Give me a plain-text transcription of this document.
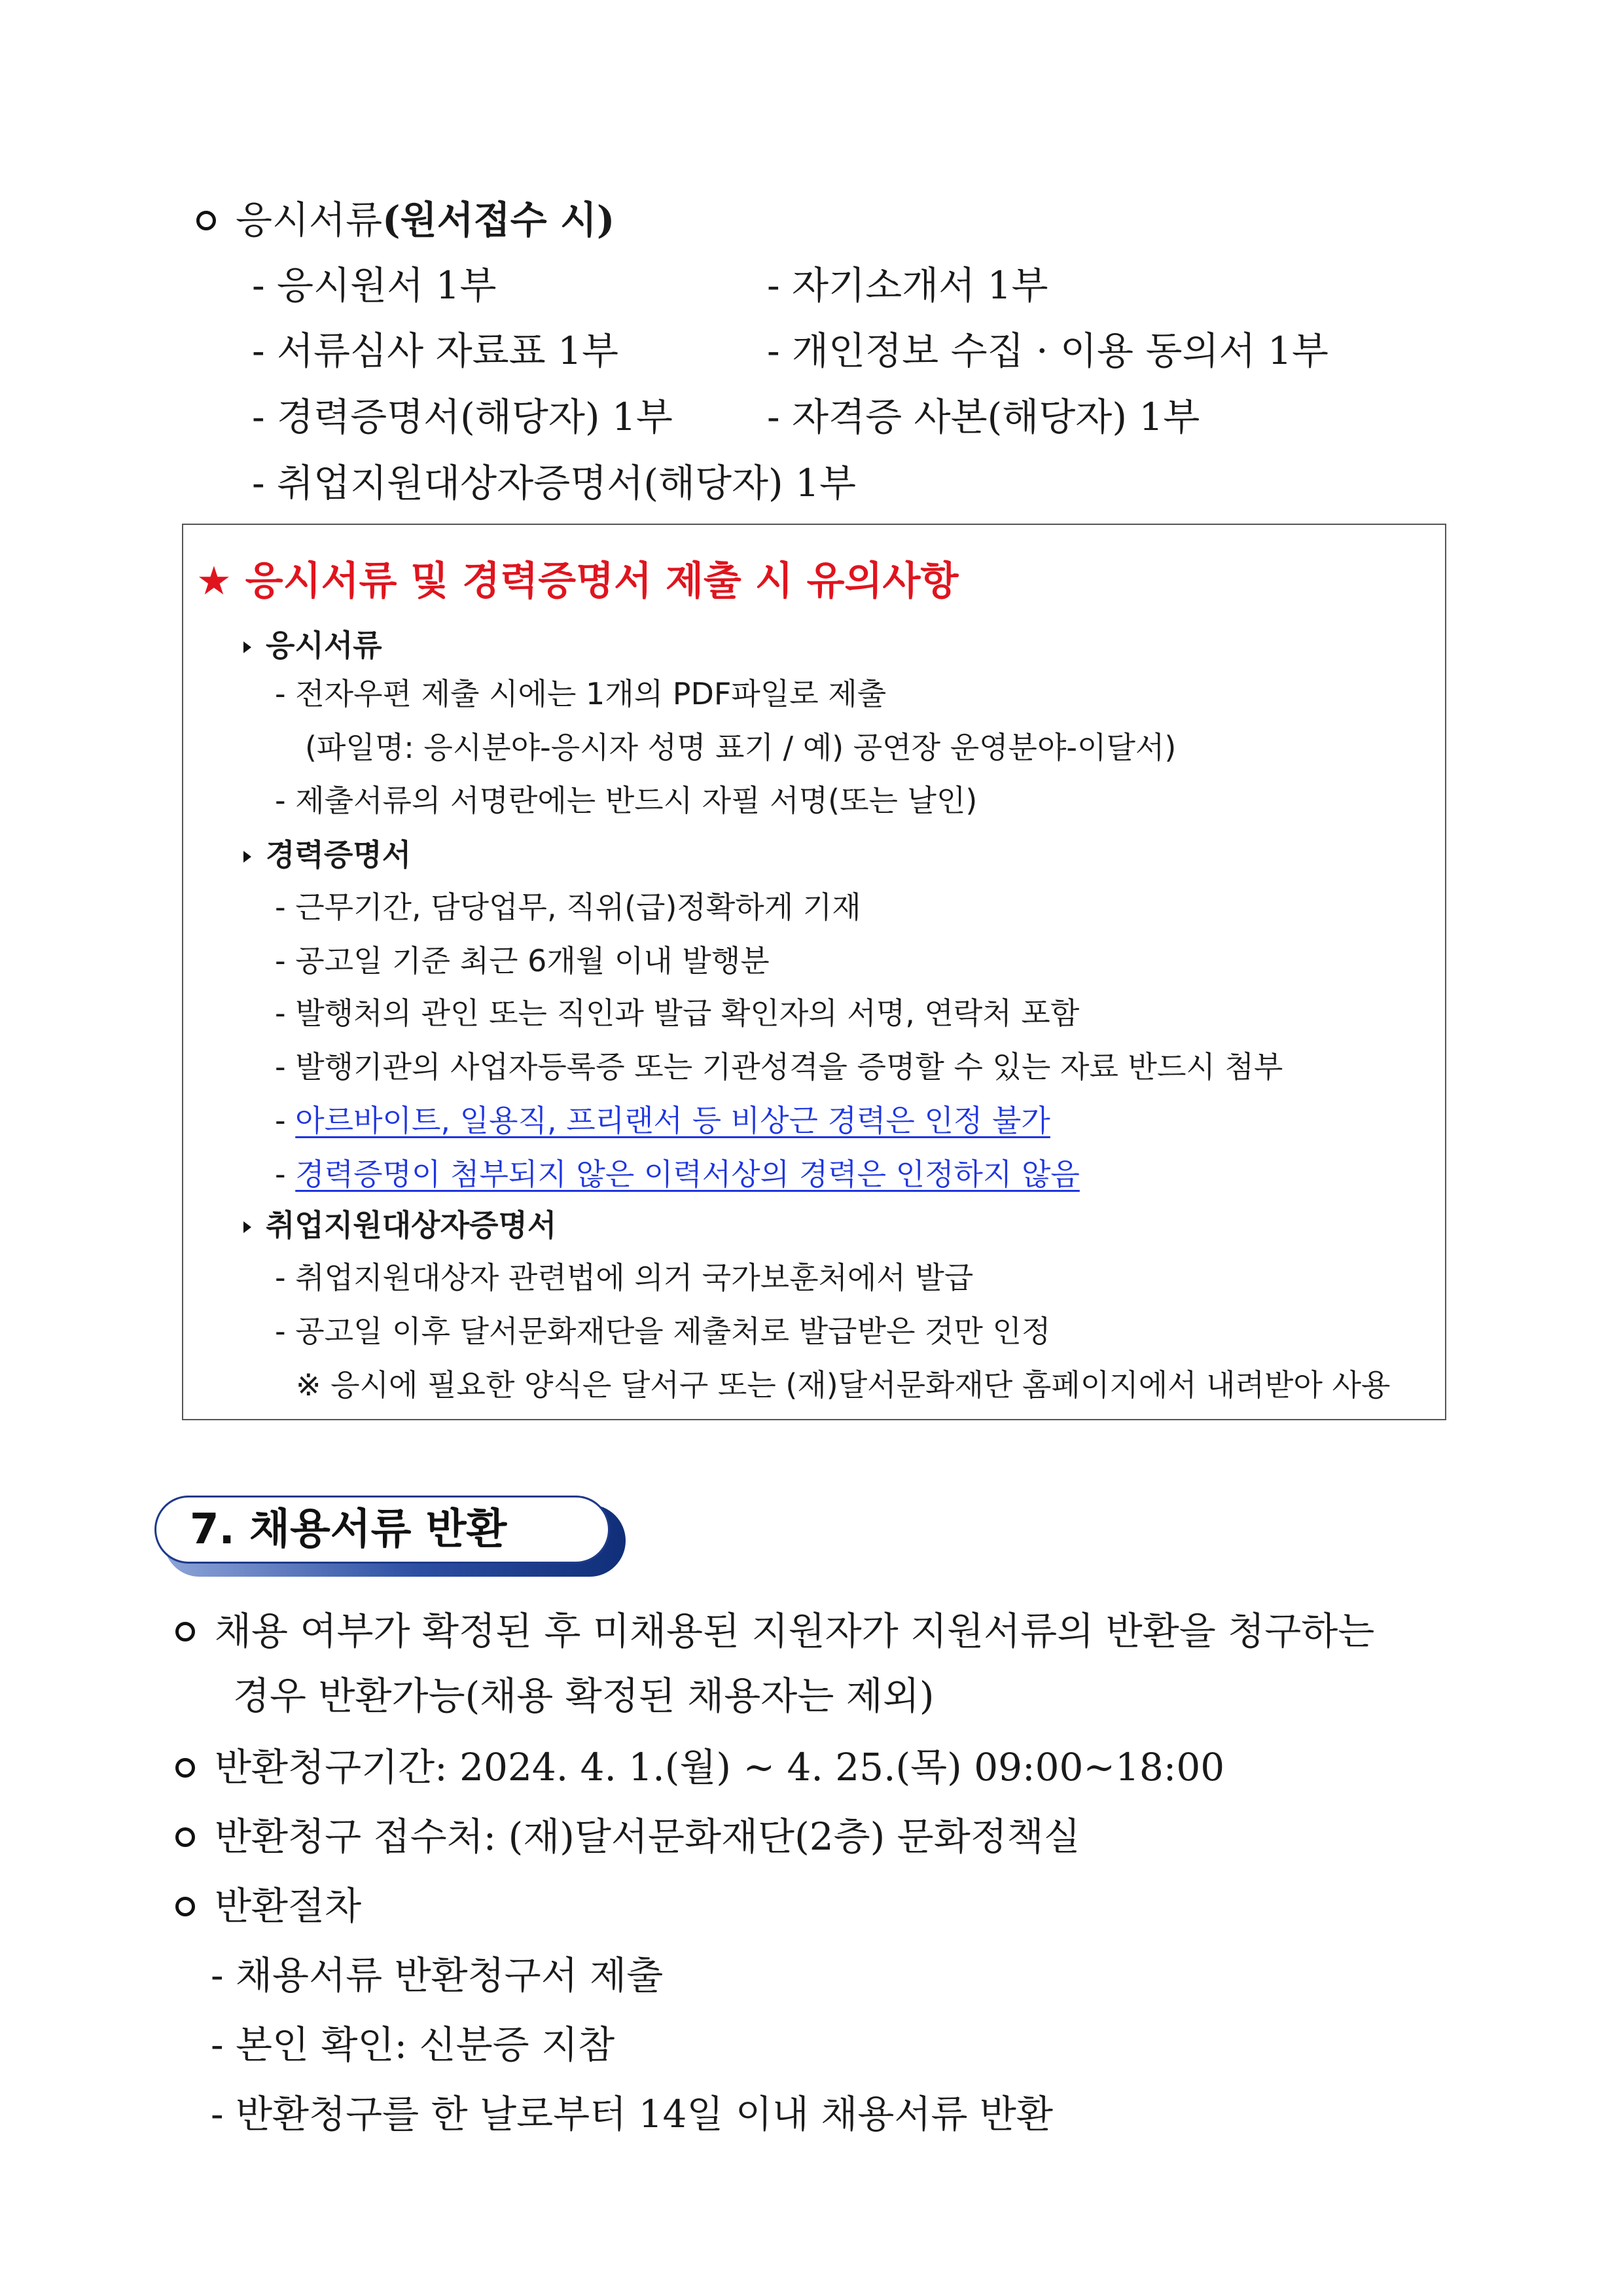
응시서류(원서접수 시)
- 응시원서 1부	- 자기소개서 1부
- 서류심사 자료표 1부	- 개인정보 수집 · 이용 동의서 1부
- 경력증명서(해당자) 1부 - 자격증 사본(해당자) 1부
- 취업지원대상자증명서(해당자) 1부
★ 응시서류 및 경력증명서 제출 시 유의사항
응시서류
- 전자우편 제출 시에는 1개의 PDF파일로 제출
(파일명: 응시분야-응시자 성명 표기 / 예) 공연장 운영분야-이달서)
- 제출서류의 서명란에는 반드시 자필 서명(또는 날인)
경력증명서
- 근무기간, 담당업무, 직위(급)정확하게 기재
- 공고일 기준 최근 6개월 이내 발행분
- 발행처의 관인 또는 직인과 발급 확인자의 서명, 연락처 포함
- 발행기관의 사업자등록증 또는 기관성격을 증명할 수 있는 자료 반드시 첨부
- 아르바이트, 일용직, 프리랜서 등 비상근 경력은 인정 불가
- 경력증명이 첨부되지 않은 이력서상의 경력은 인정하지 않음
취업지원대상자증명서
- 취업지원대상자 관련법에 의거 국가보훈처에서 발급
- 공고일 이후 달서문화재단을 제출처로 발급받은 것만 인정
※ 응시에 필요한 양식은 달서구 또는 (재)달서문화재단 홈페이지에서 내려받아 사용
7. 채용서류 반환
채용 여부가 확정된 후 미채용된 지원자가 지원서류의 반환을 청구하는
경우 반환가능(채용 확정된 채용자는 제외)
반환청구기간: 2024. 4. 1.(월) ~ 4. 25.(목) 09:00~18:00
반환청구 접수처: (재)달서문화재단(2층) 문화정책실
반환절차
- 채용서류 반환청구서 제출
- 본인 확인: 신분증 지참
- 반환청구를 한 날로부터 14일 이내 채용서류 반환
